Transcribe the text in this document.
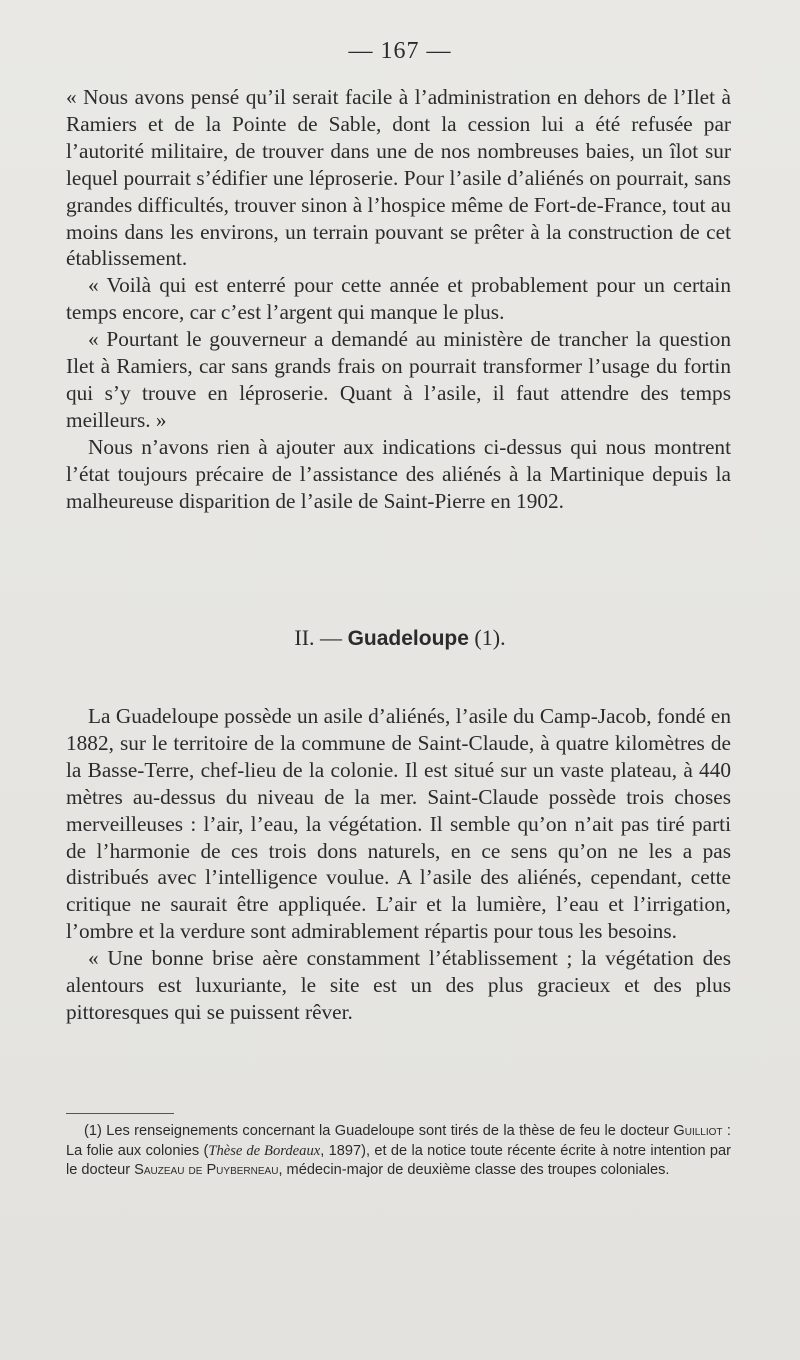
— 167 —

« Nous avons pensé qu’il serait facile à l’administration en dehors de l’Ilet à Ramiers et de la Pointe de Sable, dont la cession lui a été refusée par l’autorité militaire, de trouver dans une de nos nombreuses baies, un îlot sur lequel pourrait s’édifier une léproserie. Pour l’asile d’aliénés on pourrait, sans grandes difficultés, trouver sinon à l’hospice même de Fort-de-France, tout au moins dans les environs, un terrain pouvant se prêter à la construction de cet établissement.

« Voilà qui est enterré pour cette année et probablement pour un certain temps encore, car c’est l’argent qui manque le plus.

« Pourtant le gouverneur a demandé au ministère de trancher la question Ilet à Ramiers, car sans grands frais on pourrait transformer l’usage du fortin qui s’y trouve en léproserie. Quant à l’asile, il faut attendre des temps meilleurs. »

Nous n’avons rien à ajouter aux indications ci-dessus qui nous montrent l’état toujours précaire de l’assistance des aliénés à la Martinique depuis la malheureuse disparition de l’asile de Saint-Pierre en 1902.

II. — Guadeloupe (1).

La Guadeloupe possède un asile d’aliénés, l’asile du Camp-Jacob, fondé en 1882, sur le territoire de la commune de Saint-Claude, à quatre kilomètres de la Basse-Terre, chef-lieu de la colonie. Il est situé sur un vaste plateau, à 440 mètres au-dessus du niveau de la mer. Saint-Claude possède trois choses merveilleuses : l’air, l’eau, la végétation. Il semble qu’on n’ait pas tiré parti de l’harmonie de ces trois dons naturels, en ce sens qu’on ne les a pas distribués avec l’intelligence voulue. A l’asile des aliénés, cependant, cette critique ne saurait être appliquée. L’air et la lumière, l’eau et l’irrigation, l’ombre et la verdure sont admirablement répartis pour tous les besoins.

« Une bonne brise aère constamment l’établissement ; la végétation des alentours est luxuriante, le site est un des plus gracieux et des plus pittoresques qui se puissent rêver.

(1) Les renseignements concernant la Guadeloupe sont tirés de la thèse de feu le docteur Guilliot : La folie aux colonies (Thèse de Bordeaux, 1897), et de la notice toute récente écrite à notre intention par le docteur Sauzeau de Puyberneau, médecin-major de deuxième classe des troupes coloniales.
